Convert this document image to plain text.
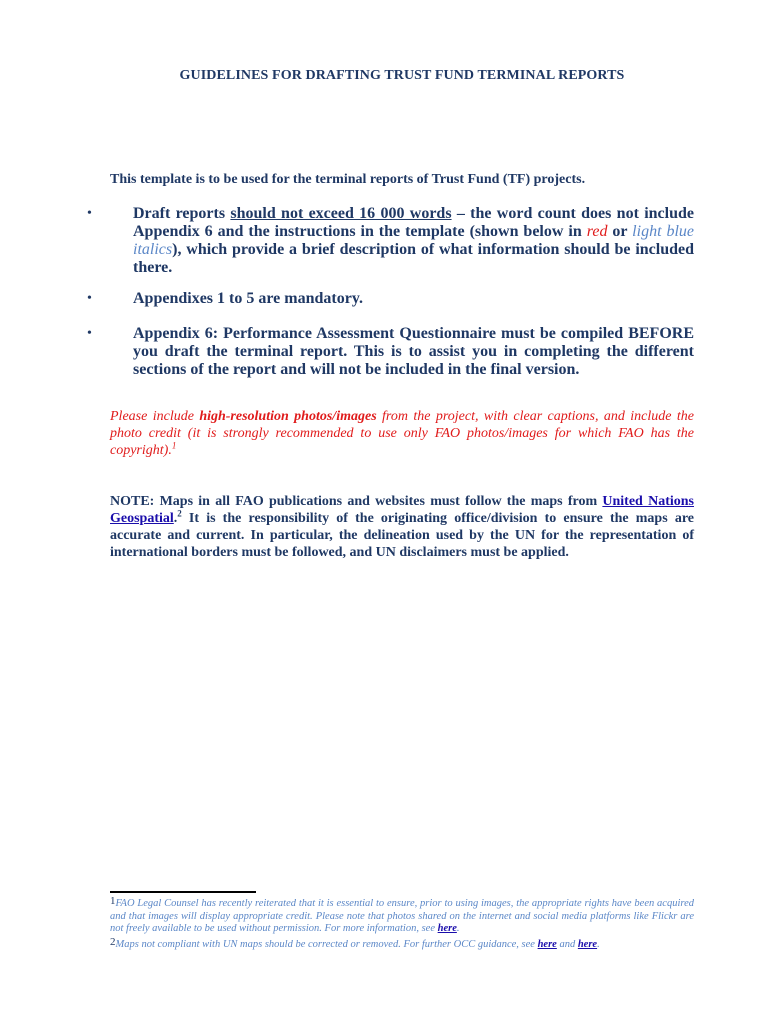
GUIDELINES FOR DRAFTING TRUST FUND TERMINAL REPORTS
This template is to be used for the terminal reports of Trust Fund (TF) projects.
•	Draft reports should not exceed 16 000 words – the word count does not include Appendix 6 and the instructions in the template (shown below in red or light blue italics), which provide a brief description of what information should be included there.
•	Appendixes 1 to 5 are mandatory.
•	Appendix 6: Performance Assessment Questionnaire must be compiled BEFORE you draft the terminal report. This is to assist you in completing the different sections of the report and will not be included in the final version.
Please include high-resolution photos/images from the project, with clear captions, and include the photo credit (it is strongly recommended to use only FAO photos/images for which FAO has the copyright).$^1$
NOTE: Maps in all FAO publications and websites must follow the maps from United Nations Geospatial.$^2$ It is the responsibility of the originating office/division to ensure the maps are accurate and current. In particular, the delineation used by the UN for the representation of international borders must be followed, and UN disclaimers must be applied.

1FAO Legal Counsel has recently reiterated that it is essential to ensure, prior to using images, the appropriate rights have been acquired and that images will display appropriate credit. Please note that photos shared on the internet and social media platforms like Flickr are not freely available to be used without permission. For more information, see here.

2Maps not compliant with UN maps should be corrected or removed. For further OCC guidance, see here and here.
